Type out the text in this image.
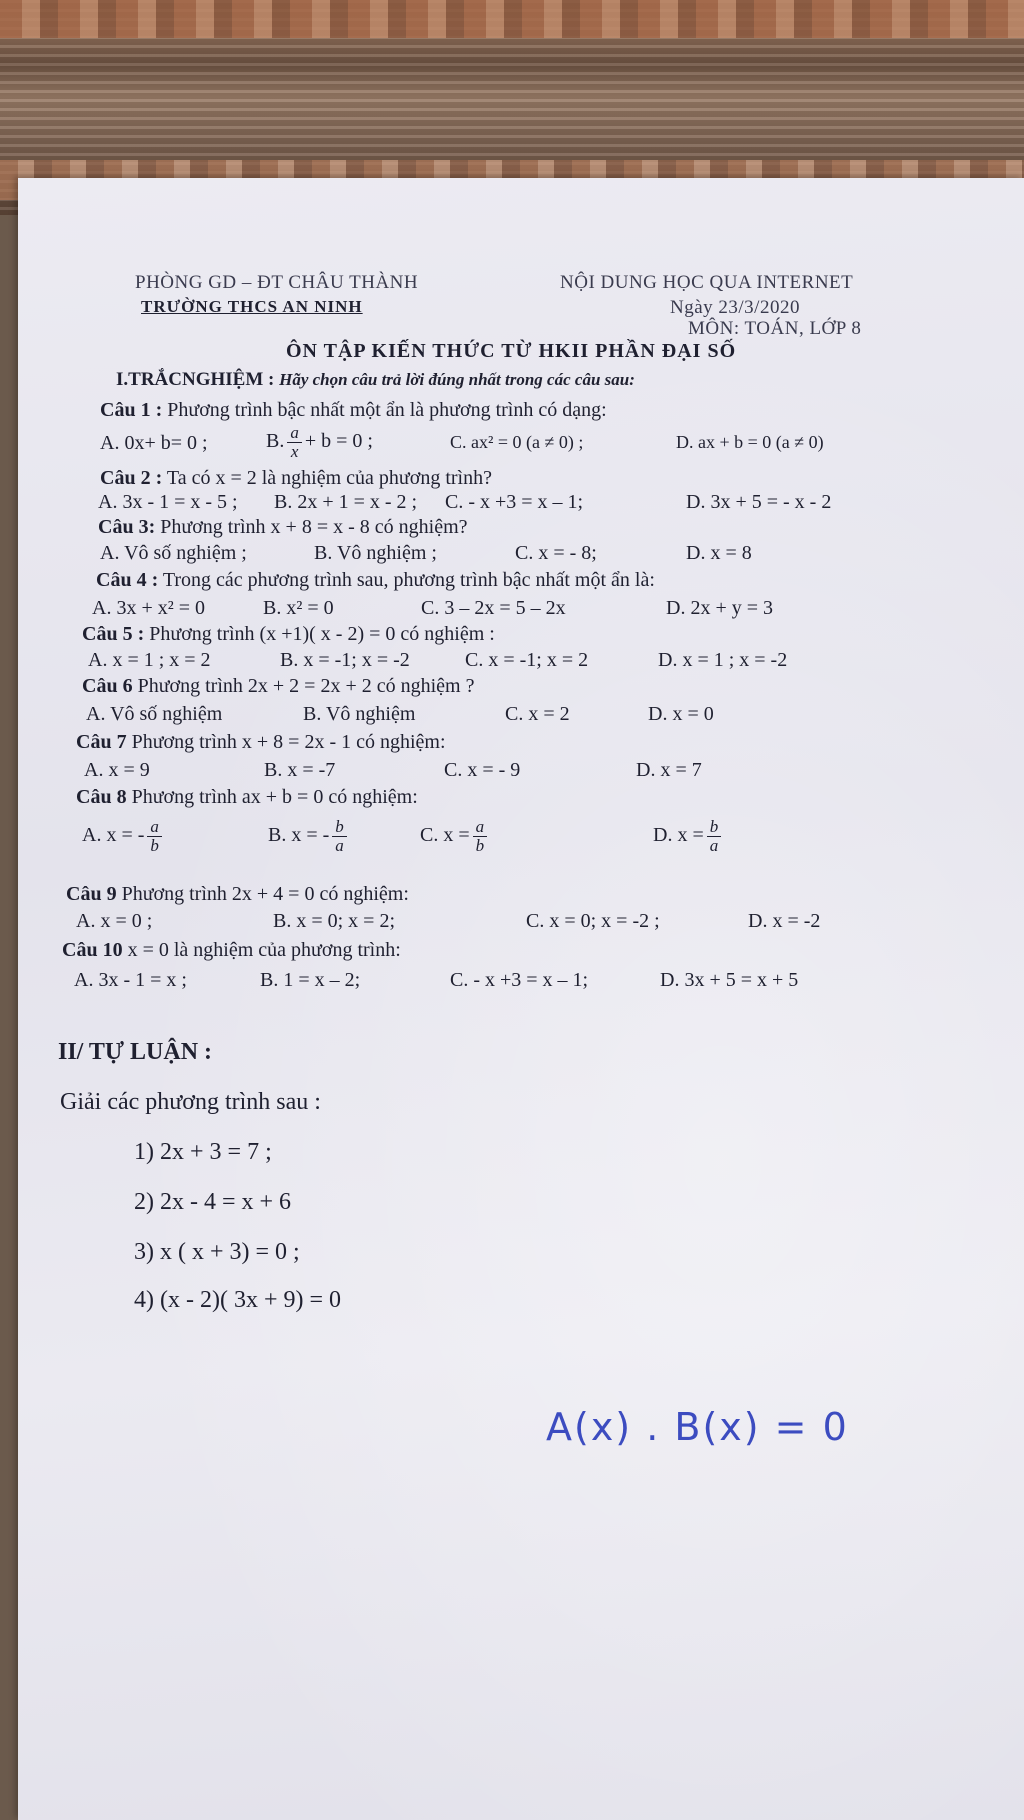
PHÒNG GD – ĐT CHÂU THÀNH
TRƯỜNG THCS AN NINH
NỘI DUNG HỌC QUA INTERNET
Ngày 23/3/2020
MÔN: TOÁN, LỚP 8
ÔN TẬP KIẾN THỨC TỪ HKII PHẦN ĐẠI SỐ
I.TRẮCNGHIỆM : Hãy chọn câu trả lời đúng nhất trong các câu sau:
Câu 1 : Phương trình bậc nhất một ẩn là phương trình có dạng:
A. 0x+ b= 0 ;	B. $\frac{a}{x} + b = 0$ ;	C. ax² = 0 (a ≠ 0) ;	D. ax + b = 0 (a ≠ 0)
Câu 2 : Ta có x = 2 là nghiệm của phương trình?
A. 3x - 1 = x - 5 ; B. 2x + 1 = x - 2 ; C. - x +3 = x – 1;	D. 3x + 5 = - x - 2
Câu 3: Phương trình x + 8 = x - 8 có nghiệm?
A. Vô số nghiệm ;	B. Vô nghiệm ;	C. x = - 8;	D. x = 8
Câu 4 : Trong các phương trình sau, phương trình bậc nhất một ẩn là:
A. 3x + x² = 0	B. x² = 0	C. 3 – 2x = 5 – 2x	D. 2x + y = 3
Câu 5 : Phương trình (x +1)( x - 2) = 0 có nghiệm :
A. x = 1 ; x = 2	B. x = -1; x = -2	C. x = -1; x = 2	D. x = 1 ; x = -2
Câu 6 Phương trình 2x + 2 = 2x + 2 có nghiệm ?
A. Vô số nghiệm	B. Vô nghiệm	C. x = 2	D. x = 0
Câu 7 Phương trình x + 8 = 2x - 1 có nghiệm:
A. x = 9	B. x = -7	C. x = - 9	D. x = 7
Câu 8 Phương trình ax + b = 0 có nghiệm:
A. x = - $\frac{a}{b}$	B. x = - $\frac{b}{a}$	C. $x = \frac{a}{b}$	D. $x = \frac{b}{a}$
Câu 9 Phương trình 2x + 4 = 0 có nghiệm:
A. x = 0 ;	B. x = 0; x = 2;	C. x = 0; x = -2 ;	D. x = -2
Câu 10 x = 0 là nghiệm của phương trình:
A. 3x - 1 = x ;	B. 1 = x – 2;	C. - x +3 = x – 1;	D. 3x + 5 = x + 5
II/ TỰ LUẬN :
Giải các phương trình sau :
1) 2x + 3 = 7 ;
2) 2x - 4 = x + 6
3) x ( x + 3) = 0 ;
4) (x - 2)( 3x + 9) = 0
A(x) . B(x) = 0
